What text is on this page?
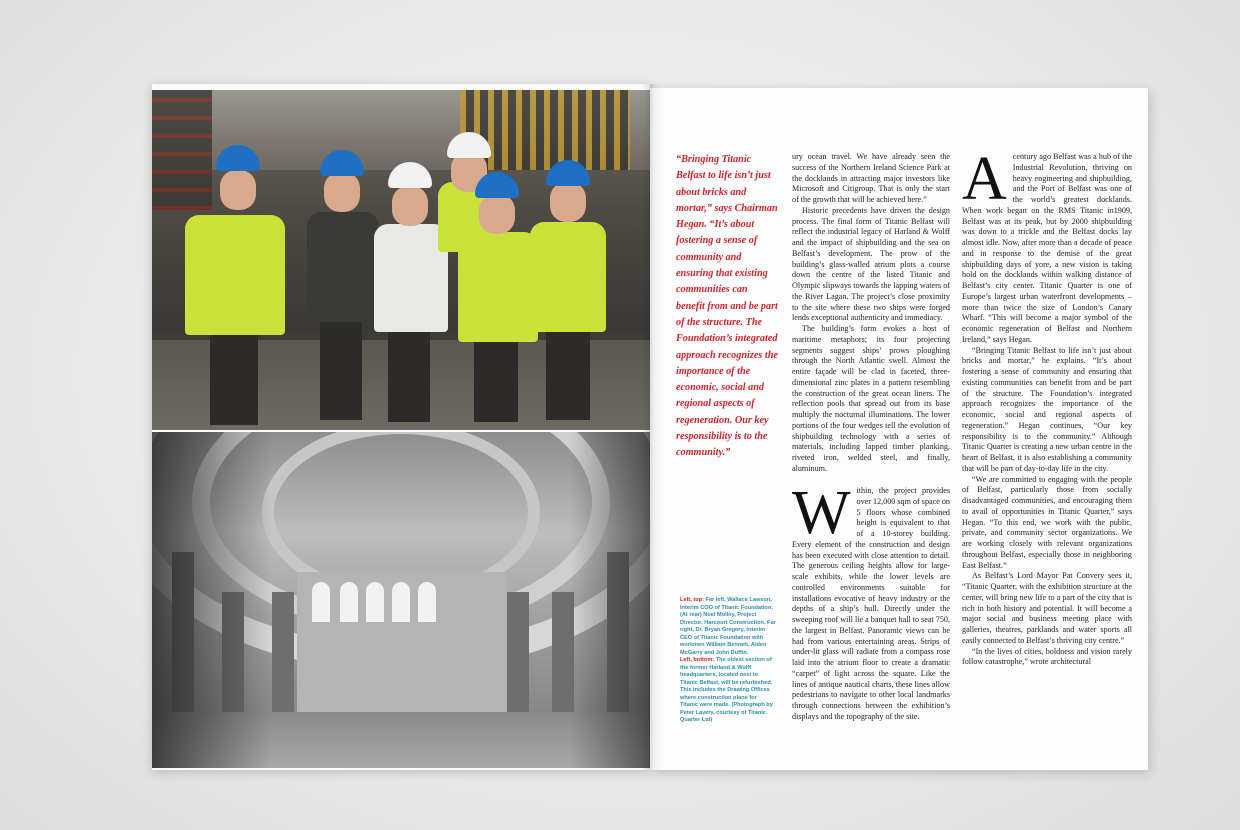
“Bringing Titanic Belfast to life isn’t just about bricks and mortar,” says Chairman Hegan. “It’s about fostering a sense of community and ensuring that existing communities can benefit from and be part of the structure. The Foundation’s integrated approach recognizes the importance of the economic, social and regional aspects of regeneration. Our key responsibility is to the community.”
Left, top: Far left, Wallace Lawson, Interim COO of Titanic Foundation. (At rear) Noel Molloy, Project Director, Harcourt Construction. Far right, Dr. Bryan Gregory, Interim CEO of Titanic Foundation with workmen William Bennett, Aiden McGarry and John Duffin.
Left, bottom: The oldest section of the former Harland & Wolff headquarters, located next to Titanic Belfast, will be refurbished. This includes the Drawing Offices where construction plans for Titanic were made. (Photograph by Peter Lavery, courtesy of Titanic Quarter Ltd)

ury ocean travel. We have already seen the success of the Northern Ireland Science Park at the docklands in attracting major investors like Microsoft and Citigroup. That is only the start of the growth that will be achieved here.”

Historic precedents have driven the design process. The final form of Titanic Belfast will reflect the industrial legacy of Harland & Wolff and the impact of shipbuilding and the sea on Belfast’s development. The prow of the building’s glass-walled atrium plots a course down the centre of the listed Titanic and Olympic slipways towards the lapping waters of the River Lagan. The project’s close proximity to the site where these two ships were forged lends exceptional authenticity and immediacy.

The building’s form evokes a host of maritime metaphors; its four projecting segments suggest ships’ prows ploughing through the North Atlantic swell. Almost the entire façade will be clad in faceted, three-dimensional zinc plates in a pattern resembling the construction of the great ocean liners. The reflection pools that spread out from its base multiply the nocturnal illuminations. The lower portions of the four wedges tell the evolution of shipbuilding technology with a series of materials, including lapped timber planking, riveted iron, welded steel, and finally, aluminum.

Within, the project provides over 12,000 sqm of space on 5 floors whose combined height is equivalent to that of a 10-storey building. Every element of the construction and design has been executed with close attention to detail. The generous ceiling heights allow for large-scale exhibits, while the lower levels are controlled environments suitable for installations evocative of heavy industry or the depths of a ship’s hull. Directly under the sweeping roof will lie a banquet hall to seat 750, the largest in Belfast. Panoramic views can be had from various entertaining areas. Strips of under-lit glass will radiate from a compass rose laid into the atrium floor to create a dramatic “carpet” of light across the square. Like the lines of antique nautical charts, these lines allow pedestrians to navigate to other local landmarks through connections between the exhibition’s displays and the topography of the site.

Acentury ago Belfast was a hub of the Industrial Revolution, thriving on heavy engineering and shipbuilding, and the Port of Belfast was one of the world’s greatest docklands. When work began on the RMS Titanic in1909, Belfast was at its peak, but by 2000 shipbuilding was down to a trickle and the Belfast docks lay almost idle. Now, after more than a decade of peace and in response to the demise of the great shipbuilding days of yore, a new vision is taking hold on the docklands within walking distance of Belfast’s city center. Titanic Quarter is one of Europe’s largest urban waterfront developments – more than twice the size of London’s Canary Wharf. “This will become a major symbol of the economic regeneration of Belfast and Northern Ireland,” says Hegan.

“Bringing Titanic Belfast to life isn’t just about bricks and mortar,” he explains. “It’s about fostering a sense of community and ensuring that existing communities can benefit from and be part of the structure. The Foundation’s integrated approach recognizes the importance of the economic, social and regional aspects of regeneration.” Hegan continues, “Our key responsibility is to the community.” Although Titanic Quarter is creating a new urban centre in the heart of Belfast, it is also establishing a community that will be part of day-to-day life in the city.

“We are committed to engaging with the people of Belfast, particularly those from socially disadvantaged communities, and encouraging them to avail of opportunities in Titanic Quarter,” says Hegan. “To this end, we work with the public, private, and community sector organizations. We are working closely with relevant organizations throughout Belfast, especially those in neighboring East Belfast.”

As Belfast’s Lord Mayor Pat Convery sees it, “Titanic Quarter, with the exhibition structure at the center, will bring new life to a part of the city that is rich in both history and potential. It will become a major social and business meeting place with galleries, theatres, parklands and water sports all easily connected to Belfast’s thriving city centre.”

“In the lives of cities, boldness and vision rarely follow catastrophe,” wrote architectural
